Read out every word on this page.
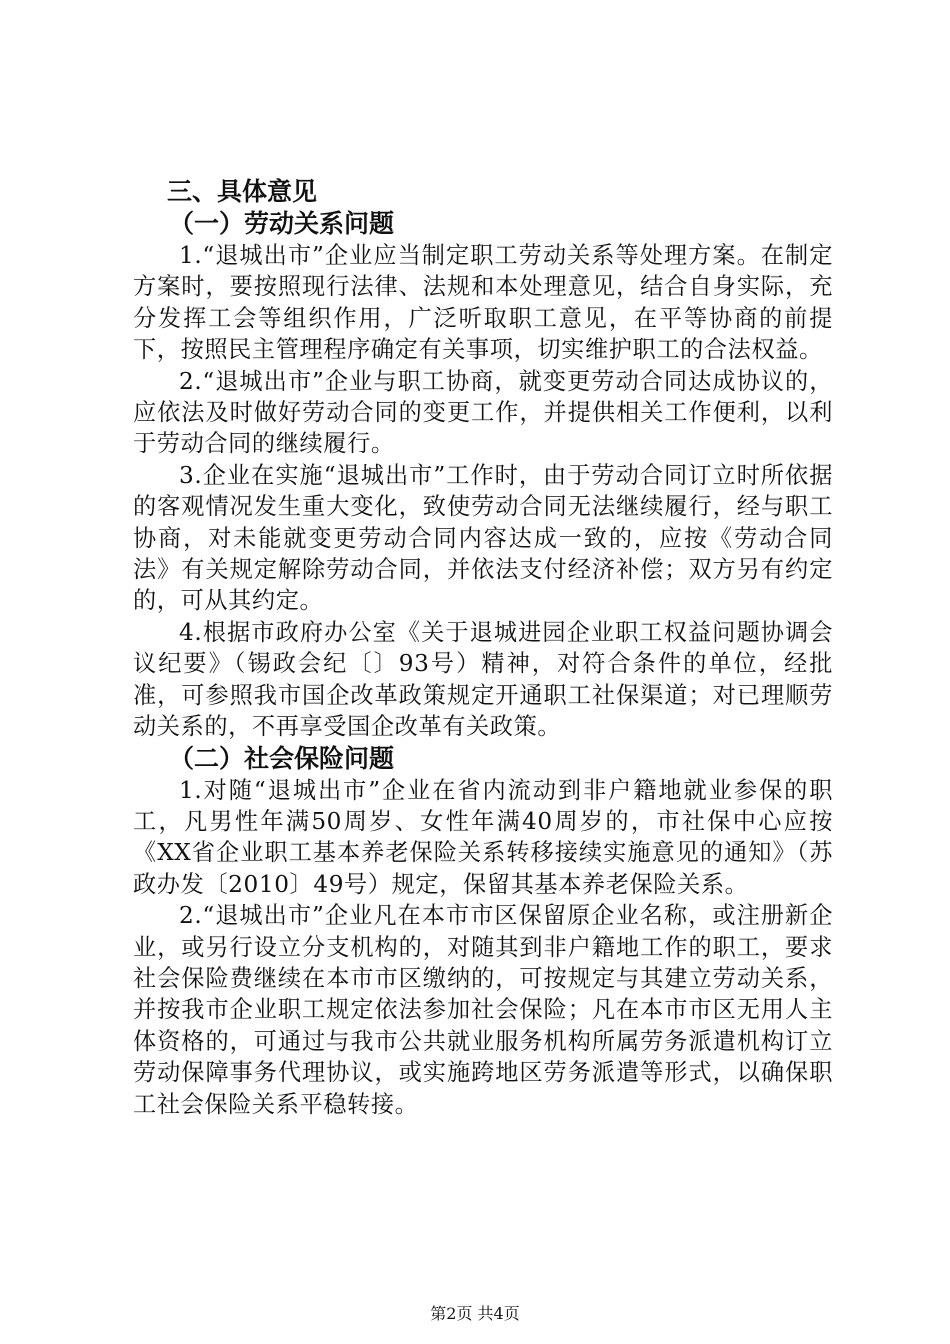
三、具体意见

（一）劳动关系问题

1.“退城出市”企业应当制定职工劳动关系等处理方案。在制定方案时，要按照现行法律、法规和本处理意见，结合自身实际，充分发挥工会等组织作用，广泛听取职工意见，在平等协商的前提下，按照民主管理程序确定有关事项，切实维护职工的合法权益。

2.“退城出市”企业与职工协商，就变更劳动合同达成协议的，应依法及时做好劳动合同的变更工作，并提供相关工作便利，以利于劳动合同的继续履行。

3.企业在实施“退城出市”工作时，由于劳动合同订立时所依据的客观情况发生重大变化，致使劳动合同无法继续履行，经与职工协商，对未能就变更劳动合同内容达成一致的，应按《劳动合同法》有关规定解除劳动合同，并依法支付经济补偿；双方另有约定的，可从其约定。

4.根据市政府办公室《关于退城进园企业职工权益问题协调会议纪要》（锡政会纪〔〕93号）精神，对符合条件的单位，经批准，可参照我市国企改革政策规定开通职工社保渠道；对已理顺劳动关系的，不再享受国企改革有关政策。

（二）社会保险问题

1.对随“退城出市”企业在省内流动到非户籍地就业参保的职工，凡男性年满50周岁、女性年满40周岁的，市社保中心应按《XX省企业职工基本养老保险关系转移接续实施意见的通知》（苏政办发〔2010〕49号）规定，保留其基本养老保险关系。

2.“退城出市”企业凡在本市市区保留原企业名称，或注册新企业，或另行设立分支机构的，对随其到非户籍地工作的职工，要求社会保险费继续在本市市区缴纳的，可按规定与其建立劳动关系，并按我市企业职工规定依法参加社会保险；凡在本市市区无用人主体资格的，可通过与我市公共就业服务机构所属劳务派遣机构订立劳动保障事务代理协议，或实施跨地区劳务派遣等形式，以确保职工社会保险关系平稳转接。

第2页 共4页
